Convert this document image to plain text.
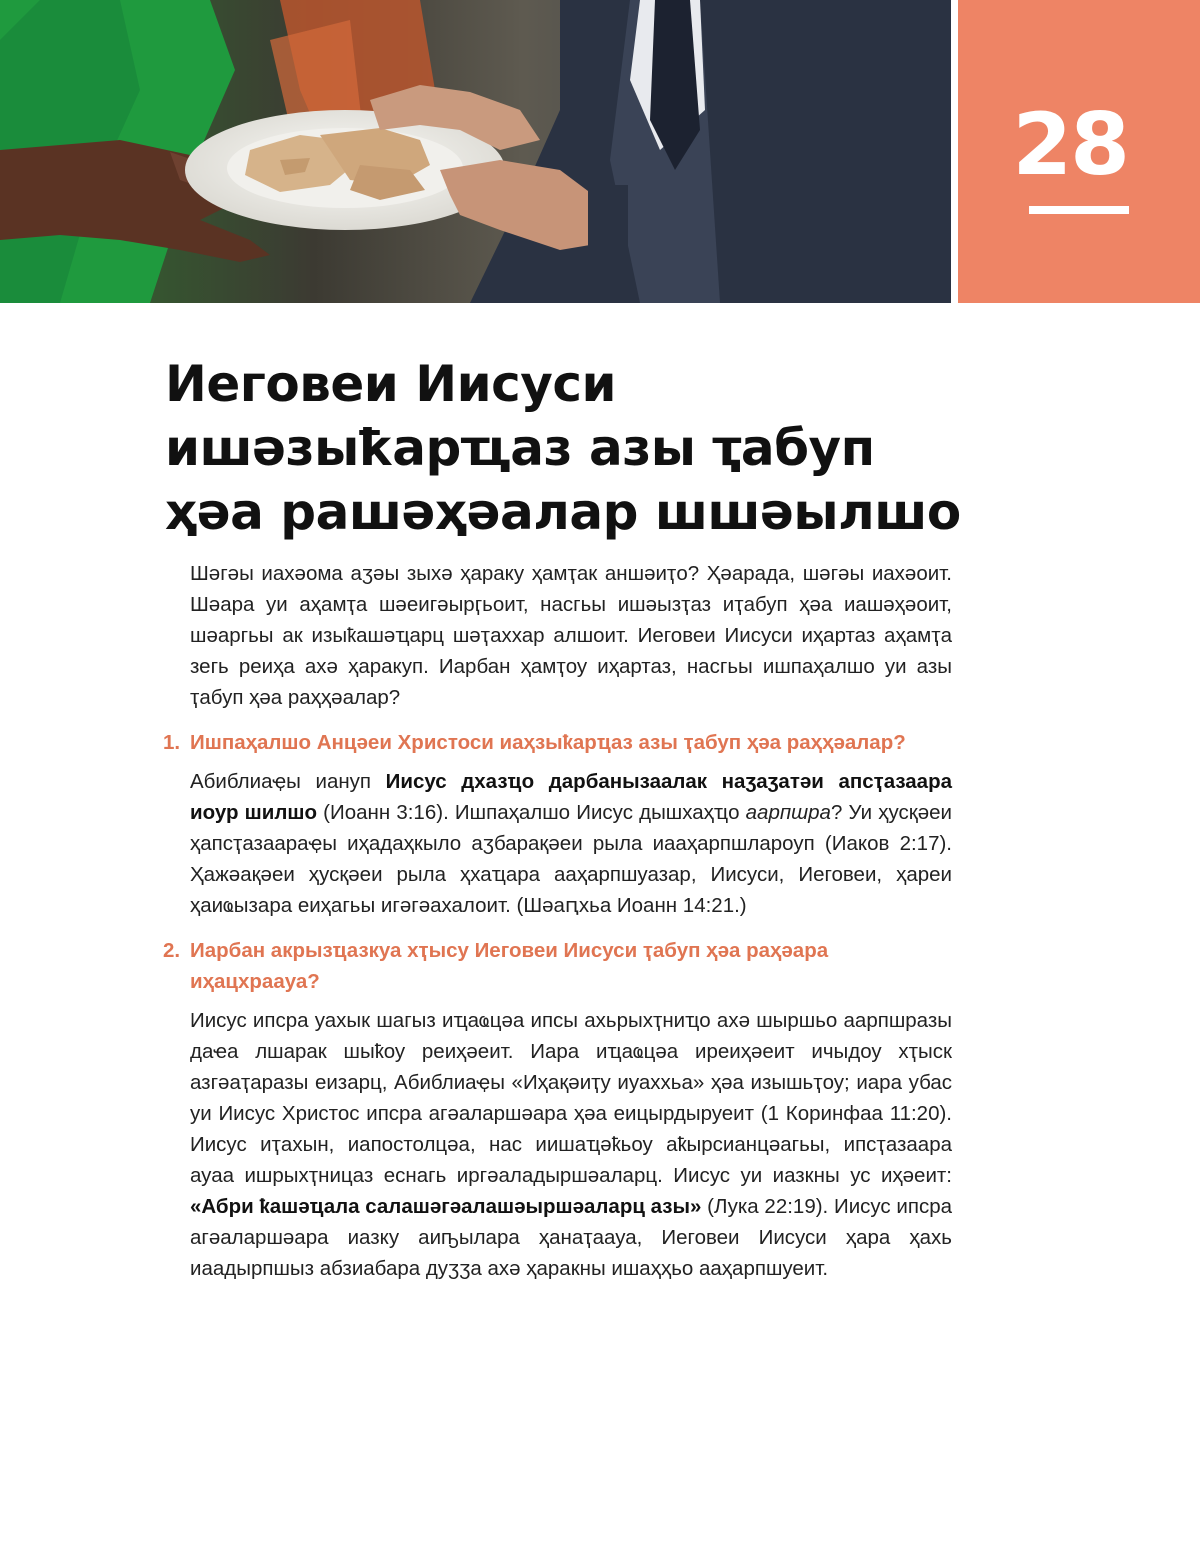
28
Иеговеи Иисуси ишәзыҟарҵаз азы ҭабуп ҳәа рашәҳәалар шшәылшо

Шәгәы иахәома аӡәы зыхә ҳараку ҳамҭак аншәиҭо? Ҳәарада, шәгәы иахәоит. Шәара уи аҳамҭа шәеигәырӷьоит, насгьы ишәызҭаз иҭабуп ҳәа иашәҳәоит, шәаргьы ак изыҟашәҵарц шәҭаххар алшоит. Иеговеи Иисуси иҳартаз аҳамҭа зегь реиҳа ахә ҳаракуп. Иарбан ҳамҭоу иҳартаз, насгьы ишпаҳалшо уи азы ҭабуп ҳәа раҳҳәалар?

1. Ишпаҳалшо Анцәеи Христоси иаҳзыҟарҵаз азы ҭабуп ҳәа раҳҳәалар?

Абиблиаҿы иануп Иисус дхазҵо дарбанызаалак наӡаӡатәи апсҭазаара иоур шилшо (Иоанн 3:16). Ишпаҳалшо Иисус дышхаҳҵо аарпшра? Уи ҳусқәеи ҳапсҭазаараҿы иҳадаҳкыло аӡбарақәеи рыла иааҳарпшлароуп (Иаков 2:17). Ҳажәақәеи ҳусқәеи рыла ҳхаҵара ааҳарпшуазар, Иисуси, Иеговеи, ҳареи ҳаиҩызара еиҳагьы игәгәахалоит. (Шәаԥхьа Иоанн 14:21.)

2. Иарбан акрызҵазкуа хҭысу Иеговеи Иисуси ҭабуп ҳәа раҳәара иҳацхраауа?

Иисус ипсра уахык шагыз иҵаҩцәа ипсы ахьрыхҭниҵо ахә шыршьо аарпшразы даҽа лшарак шыҟоу реиҳәеит. Иара иҵаҩцәа иреиҳәеит ичыдоу хҭыск азгәаҭаразы еизарц, Абиблиаҿы «Иҳақәиҭу иуаххьа» ҳәа изышьҭоу; иара убас уи Иисус Христос ипсра агәаларшәара ҳәа еицырдыруеит (1 Коринфаа 11:20). Иисус иҭахын, иапостолцәа, нас иишаҵәҟьоу аҟырсианцәагьы, ипсҭазаара ауаа ишрыхҭницаз еснагь иргәаладыршәаларц. Иисус уи иазкны ус иҳәеит: «Абри ҟашәҵала салашәгәалашәыршәаларц азы» (Лука 22:19). Иисус ипсра агәаларшәара иазку аиҧылара ҳанаҭаауа, Иеговеи Иисуси ҳара ҳахь иаадырпшыз абзиабара дуӡӡа ахә ҳаракны ишаҳҳьо ааҳарпшуеит.
